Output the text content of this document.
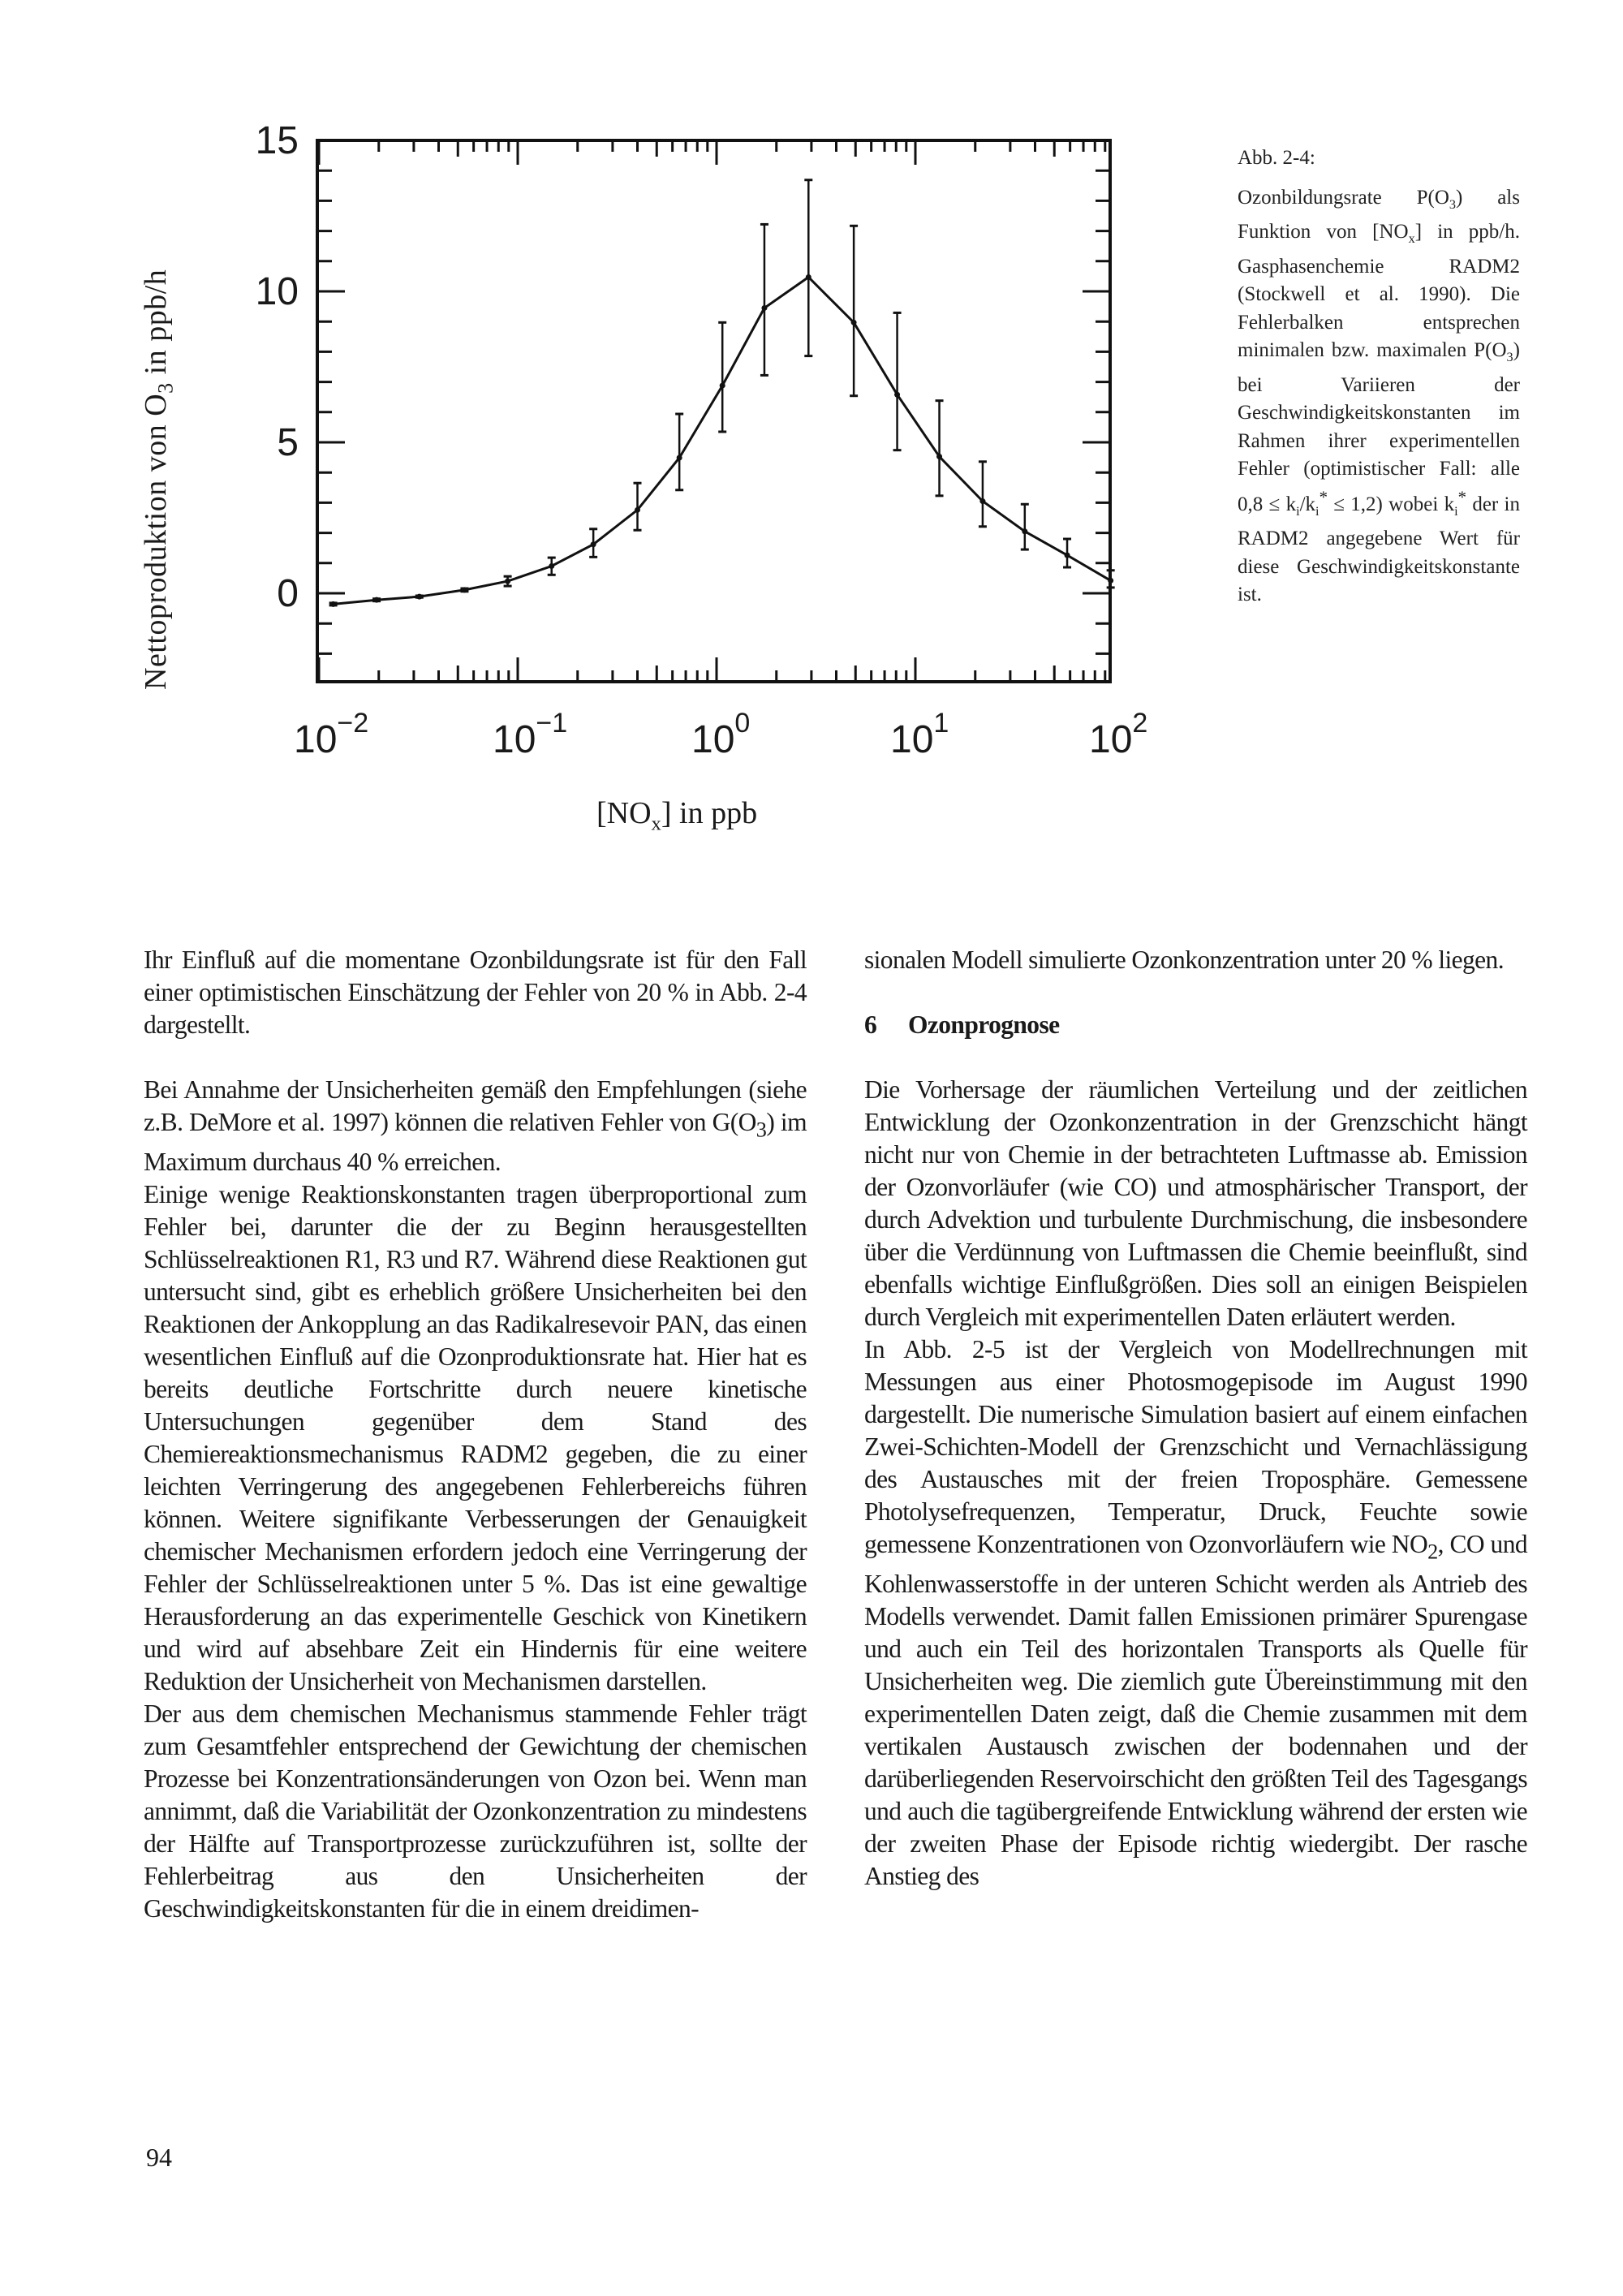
Nettoproduktion von $O_3$ in ppb/h
15
10
5
0
$10^{-2}$	$10^{-1}$	$10^0$	$10^1$	$10^2$
$[NO_x]$ in ppb
Abb. 2-4:
Ozonbildungsrate $P(O_3)$ als Funktion von $[NO_x]$ in ppb/h. Gasphasenchemie RADM2 (Stockwell et al. 1990). Die Fehlerbalken entsprechen minimalen bzw. maximalen $P(O_3)$ bei Variieren der Geschwindigkeitskonstanten im Rahmen ihrer experimentellen Fehler (optimistischer Fall: alle $0,8 \le k_i/k_i^* \le 1,2$) wobei $k_i^*$ der in RADM2 angegebene Wert für diese Geschwindigkeitskonstante ist.

Ihr Einfluß auf die momentane Ozonbildungsrate ist für den Fall einer optimistischen Einschätzung der Fehler von 20 % in Abb. 2-4 dargestellt.

Bei Annahme der Unsicherheiten gemäß den Empfehlungen (siehe z.B. DeMore et al. 1997) können die relativen Fehler von $G(O_3)$ im Maximum durchaus 40 % erreichen.

Einige wenige Reaktionskonstanten tragen überproportional zum Fehler bei, darunter die der zu Beginn herausgestellten Schlüsselreaktionen R1, R3 und R7. Während diese Reaktionen gut untersucht sind, gibt es erheblich größere Unsicherheiten bei den Reaktionen der Ankopplung an das Radikalresevoir PAN, das einen wesentlichen Einfluß auf die Ozonproduktionsrate hat. Hier hat es bereits deutliche Fortschritte durch neuere kinetische Untersuchungen gegenüber dem Stand des Chemiereaktionsmechanismus RADM2 gegeben, die zu einer leichten Verringerung des angegebenen Fehlerbereichs führen können. Weitere signifikante Verbesserungen der Genauigkeit chemischer Mechanismen erfordern jedoch eine Verringerung der Fehler der Schlüsselreaktionen unter 5 %. Das ist eine gewaltige Herausforderung an das experimentelle Geschick von Kinetikern und wird auf absehbare Zeit ein Hindernis für eine weitere Reduktion der Unsicherheit von Mechanismen darstellen.

Der aus dem chemischen Mechanismus stammende Fehler trägt zum Gesamtfehler entsprechend der Gewichtung der chemischen Prozesse bei Konzentrationsänderungen von Ozon bei. Wenn man annimmt, daß die Variabilität der Ozonkonzentration zu mindestens der Hälfte auf Transportprozesse zurückzuführen ist, sollte der Fehlerbeitrag aus den Unsicherheiten der Geschwindigkeitskonstanten für die in einem dreidimen-

sionalen Modell simulierte Ozonkonzentration unter 20 % liegen.

6 Ozonprognose

Die Vorhersage der räumlichen Verteilung und der zeitlichen Entwicklung der Ozonkonzentration in der Grenzschicht hängt nicht nur von Chemie in der betrachteten Luftmasse ab. Emission der Ozonvorläufer (wie CO) und atmosphärischer Transport, der durch Advektion und turbulente Durchmischung, die insbesondere über die Verdünnung von Luftmassen die Chemie beeinflußt, sind ebenfalls wichtige Einflußgrößen. Dies soll an einigen Beispielen durch Vergleich mit experimentellen Daten erläutert werden.

In Abb. 2-5 ist der Vergleich von Modellrechnungen mit Messungen aus einer Photosmogepisode im August 1990 dargestellt. Die numerische Simulation basiert auf einem einfachen Zwei-Schichten-Modell der Grenzschicht und Vernachlässigung des Austausches mit der freien Troposphäre. Gemessene Photolysefrequenzen, Temperatur, Druck, Feuchte sowie gemessene Konzentrationen von Ozonvorläufern wie $NO_2$, CO und Kohlenwasserstoffe in der unteren Schicht werden als Antrieb des Modells verwendet. Damit fallen Emissionen primärer Spurengase und auch ein Teil des horizontalen Transports als Quelle für Unsicherheiten weg. Die ziemlich gute Übereinstimmung mit den experimentellen Daten zeigt, daß die Chemie zusammen mit dem vertikalen Austausch zwischen der bodennahen und der darüberliegenden Reservoirschicht den größten Teil des Tagesgangs und auch die tagübergreifende Entwicklung während der ersten wie der zweiten Phase der Episode richtig wiedergibt. Der rasche Anstieg des

94
